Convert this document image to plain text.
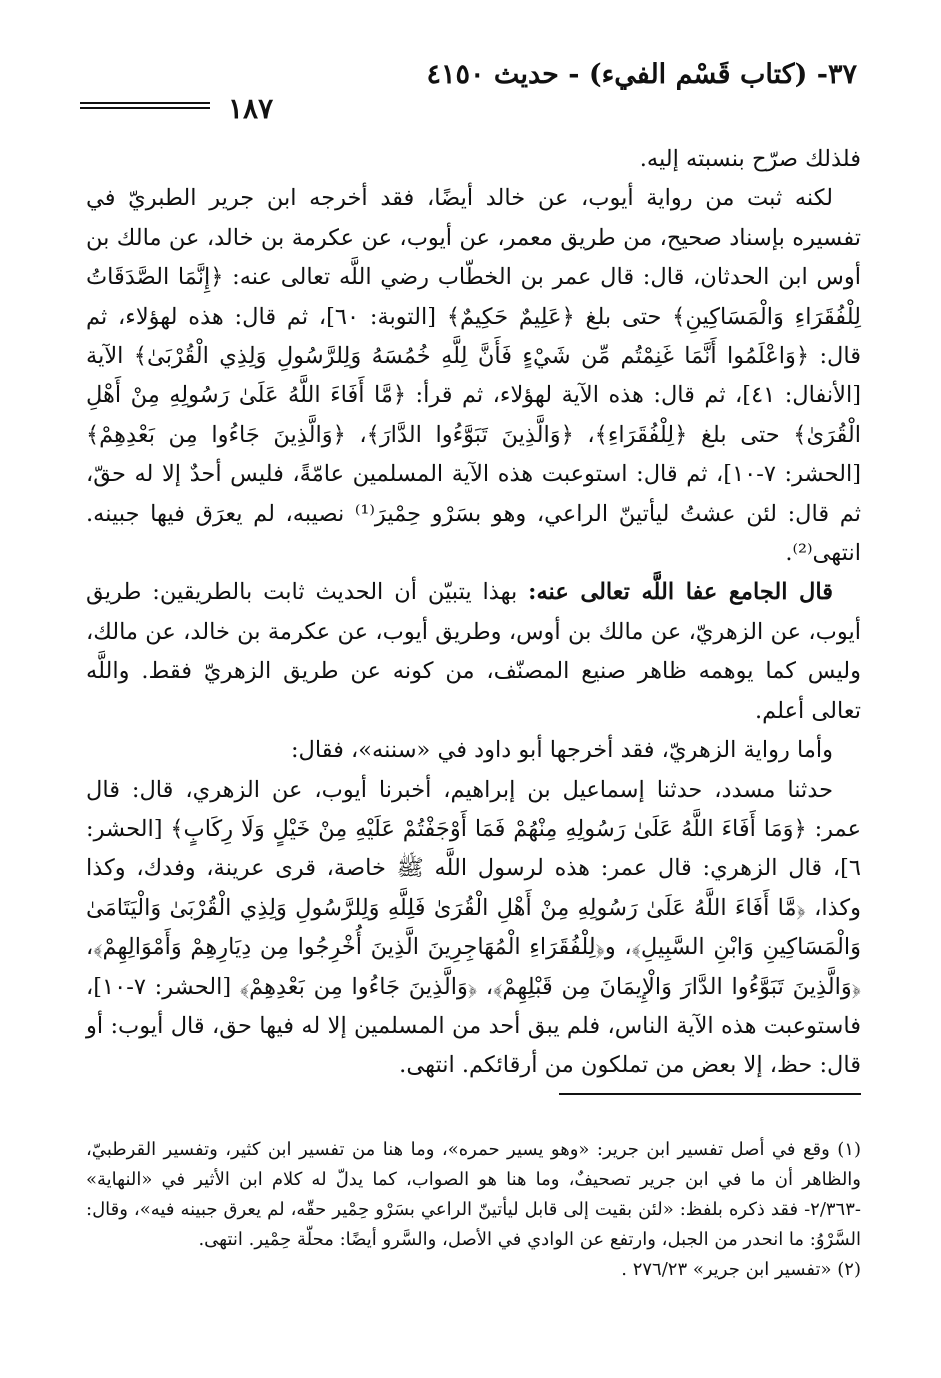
٣٧- (كتاب قَسْم الفيء) - حديث ٤١٥٠
١٨٧

فلذلك صرّح بنسبته إليه.

لكنه ثبت من رواية أيوب، عن خالد أيضًا، فقد أخرجه ابن جرير الطبريّ في تفسيره بإسناد صحيح، من طريق معمر، عن أيوب، عن عكرمة بن خالد، عن مالك بن أوس ابن الحدثان، قال: قال عمر بن الخطّاب رضي اللَّه تعالى عنه: ﴿إِنَّمَا الصَّدَقَاتُ لِلْفُقَرَاءِ وَالْمَسَاكِينِ﴾ حتى بلغ ﴿عَلِيمٌ حَكِيمٌ﴾ [التوبة: ٦٠]، ثم قال: هذه لهؤلاء، ثم قال: ﴿وَاعْلَمُوا أَنَّمَا غَنِمْتُم مِّن شَيْءٍ فَأَنَّ لِلَّهِ خُمُسَهُ وَلِلرَّسُولِ وَلِذِي الْقُرْبَىٰ﴾ الآية [الأنفال: ٤١]، ثم قال: هذه الآية لهؤلاء، ثم قرأ: ﴿مَّا أَفَاءَ اللَّهُ عَلَىٰ رَسُولِهِ مِنْ أَهْلِ الْقُرَىٰ﴾ حتى بلغ ﴿لِلْفُقَرَاءِ﴾، ﴿وَالَّذِينَ تَبَوَّءُوا الدَّارَ﴾، ﴿وَالَّذِينَ جَاءُوا مِن بَعْدِهِمْ﴾ [الحشر: ٧-١٠]، ثم قال: استوعبت هذه الآية المسلمين عامّةً، فليس أحدٌ إلا له حقّ، ثم قال: لئن عشتُ ليأتينّ الراعي، وهو بسَرْو حِمْيرَ⁽¹⁾ نصيبه، لم يعرَق فيها جبينه. انتهى⁽²⁾.

قال الجامع عفا اللَّه تعالى عنه: بهذا يتبيّن أن الحديث ثابت بالطريقين: طريق أيوب، عن الزهريّ، عن مالك بن أوس، وطريق أيوب، عن عكرمة بن خالد، عن مالك، وليس كما يوهمه ظاهر صنيع المصنّف، من كونه عن طريق الزهريّ فقط. واللَّه تعالى أعلم.

وأما رواية الزهريّ، فقد أخرجها أبو داود في «سننه»، فقال:

حدثنا مسدد، حدثنا إسماعيل بن إبراهيم، أخبرنا أيوب، عن الزهري، قال: قال عمر: ﴿وَمَا أَفَاءَ اللَّهُ عَلَىٰ رَسُولِهِ مِنْهُمْ فَمَا أَوْجَفْتُمْ عَلَيْهِ مِنْ خَيْلٍ وَلَا رِكَابٍ﴾ [الحشر: ٦]، قال الزهري: قال عمر: هذه لرسول اللَّه ﷺ خاصة، قرى عرينة، وفدك، وكذا وكذا، ﴿مَّا أَفَاءَ اللَّهُ عَلَىٰ رَسُولِهِ مِنْ أَهْلِ الْقُرَىٰ فَلِلَّهِ وَلِلرَّسُولِ وَلِذِي الْقُرْبَىٰ وَالْيَتَامَىٰ وَالْمَسَاكِينِ وَابْنِ السَّبِيلِ﴾، و﴿لِلْفُقَرَاءِ الْمُهَاجِرِينَ الَّذِينَ أُخْرِجُوا مِن دِيَارِهِمْ وَأَمْوَالِهِمْ﴾، ﴿وَالَّذِينَ تَبَوَّءُوا الدَّارَ وَالْإِيمَانَ مِن قَبْلِهِمْ﴾، ﴿وَالَّذِينَ جَاءُوا مِن بَعْدِهِمْ﴾ [الحشر: ٧-١٠]، فاستوعبت هذه الآية الناس، فلم يبق أحد من المسلمين إلا له فيها حق، قال أيوب: أو قال: حظ، إلا بعض من تملكون من أرقائكم. انتهى.

(١) وقع في أصل تفسير ابن جرير: «وهو يسير حمره»، وما هنا من تفسير ابن كثير، وتفسير القرطبيّ، والظاهر أن ما في ابن جرير تصحيفٌ، وما هنا هو الصواب، كما يدلّ له كلام ابن الأثير في «النهاية» -٢/٣٦٣- فقد ذكره بلفظ: «لئن بقيت إلى قابل ليأتينّ الراعي بسَرْو حِمْير حقّه، لم يعرق جبينه فيه»، وقال: السَّرْوُ: ما انحدر من الجبل، وارتفع عن الوادي في الأصل، والسَّرو أيضًا: محلّة حِمْير. انتهى.

(٢) «تفسير ابن جرير» ٢٧٦/٢٣ .
